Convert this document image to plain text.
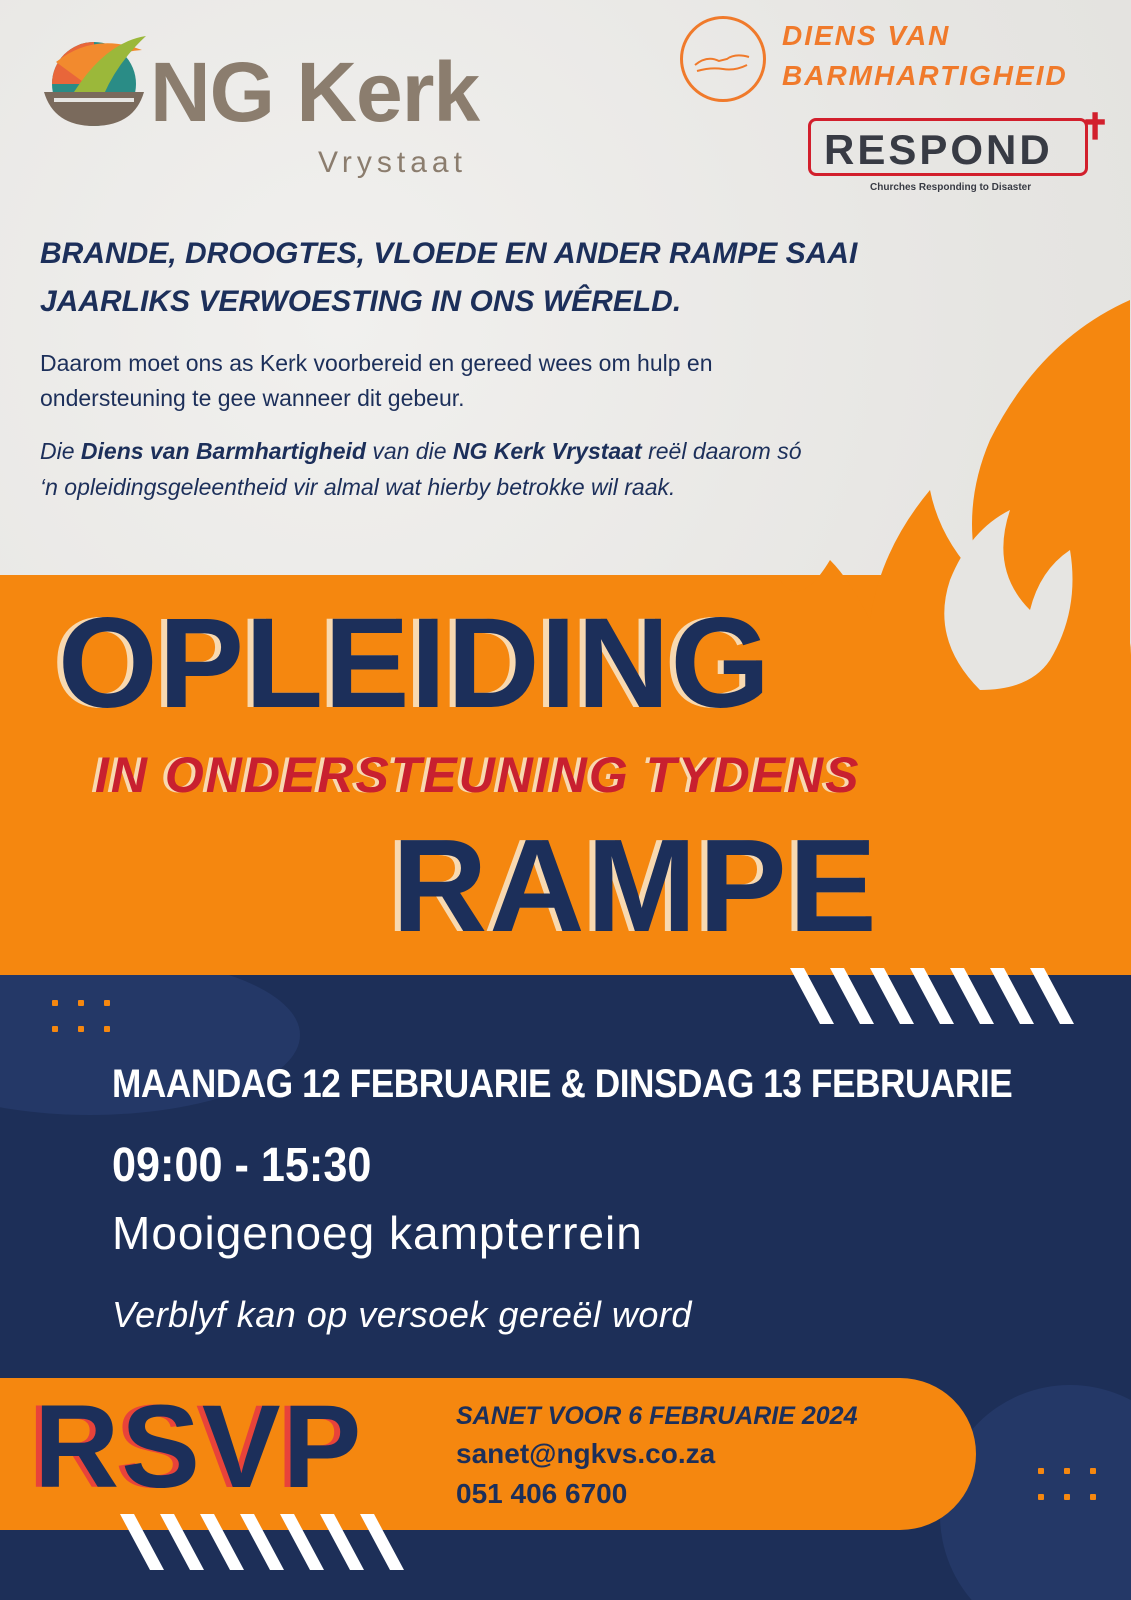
NG Kerk
Vrystaat
DIENS VAN
BARMHARTIGHEID
RESPOND ✝
Churches Responding to Disaster
BRANDE, DROOGTES, VLOEDE EN ANDER RAMPE SAAI JAARLIKS VERWOESTING IN ONS WÊRELD.
Daarom moet ons as Kerk voorbereid en gereed wees om hulp en ondersteuning te gee wanneer dit gebeur.
Die Diens van Barmhartigheid van die NG Kerk Vrystaat reël daarom só ‘n opleidingsgeleentheid vir almal wat hierby betrokke wil raak.
OPLEIDING
IN ONDERSTEUNING TYDENS
RAMPE
MAANDAG 12 FEBRUARIE & DINSDAG 13 FEBRUARIE
09:00 - 15:30
Mooigenoeg kampterrein
Verblyf kan op versoek gereël word
RSVP	SANET VOOR 6 FEBRUARIE 2024
sanet@ngkvs.co.za
051 406 6700
